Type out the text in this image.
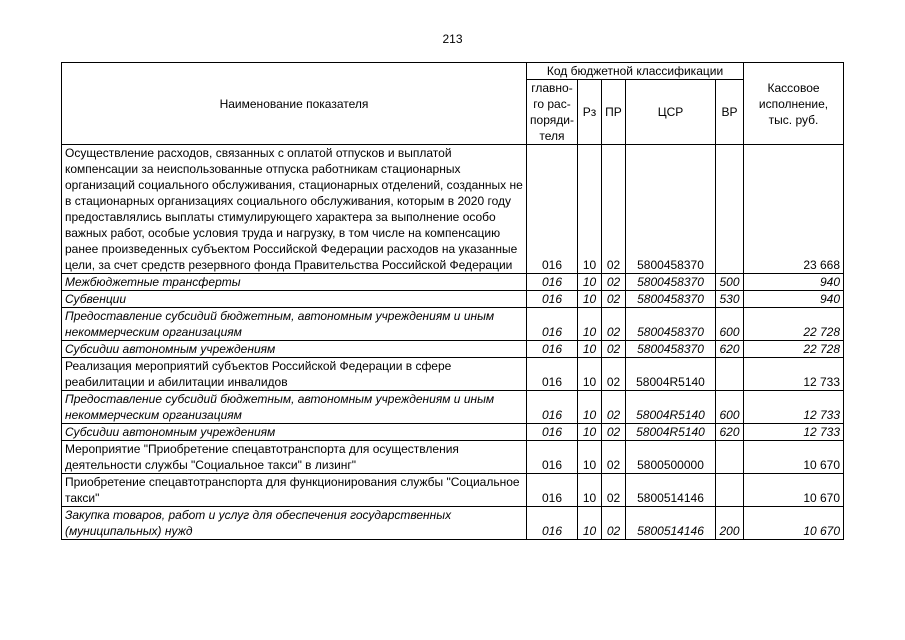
213
Наименование показателя	Код бюджетной классификации					Кассовое исполнение, тыс. руб.
	главно-го рас-поряди-теля	Рз	ПР	ЦСР	ВР	
Осуществление расходов, связанных с оплатой отпусков и выплатой компенсации за неиспользованные отпуска работникам стационарных организаций социального обслуживания, стационарных отделений, созданных не в стационарных организациях социального обслуживания, которым в 2020 году предоставлялись выплаты стимулирующего характера за выполнение особо важных работ, особые условия труда и нагрузку, в том числе на компенсацию ранее произведенных субъектом Российской Федерации расходов на указанные цели, за счет средств резервного фонда Правительства Российской Федерации	016	10	02	5800458370		23 668
Межбюджетные трансферты	016	10	02	5800458370	500	940
Субвенции	016	10	02	5800458370	530	940
Предоставление субсидий бюджетным, автономным учреждениям и иным некоммерческим организациям	016	10	02	5800458370	600	22 728
Субсидии автономным учреждениям	016	10	02	5800458370	620	22 728
Реализация мероприятий субъектов Российской Федерации в сфере реабилитации и абилитации инвалидов	016	10	02	58004R5140		12 733
Предоставление субсидий бюджетным, автономным учреждениям и иным некоммерческим организациям	016	10	02	58004R5140	600	12 733
Субсидии автономным учреждениям	016	10	02	58004R5140	620	12 733
Мероприятие "Приобретение спецавтотранспорта для осуществления деятельности службы "Социальное такси" в лизинг"	016	10	02	5800500000		10 670
Приобретение спецавтотранспорта для функционирования службы "Социальное такси"	016	10	02	5800514146		10 670
Закупка товаров, работ и услуг для обеспечения государственных (муниципальных) нужд	016	10	02	5800514146	200	10 670
